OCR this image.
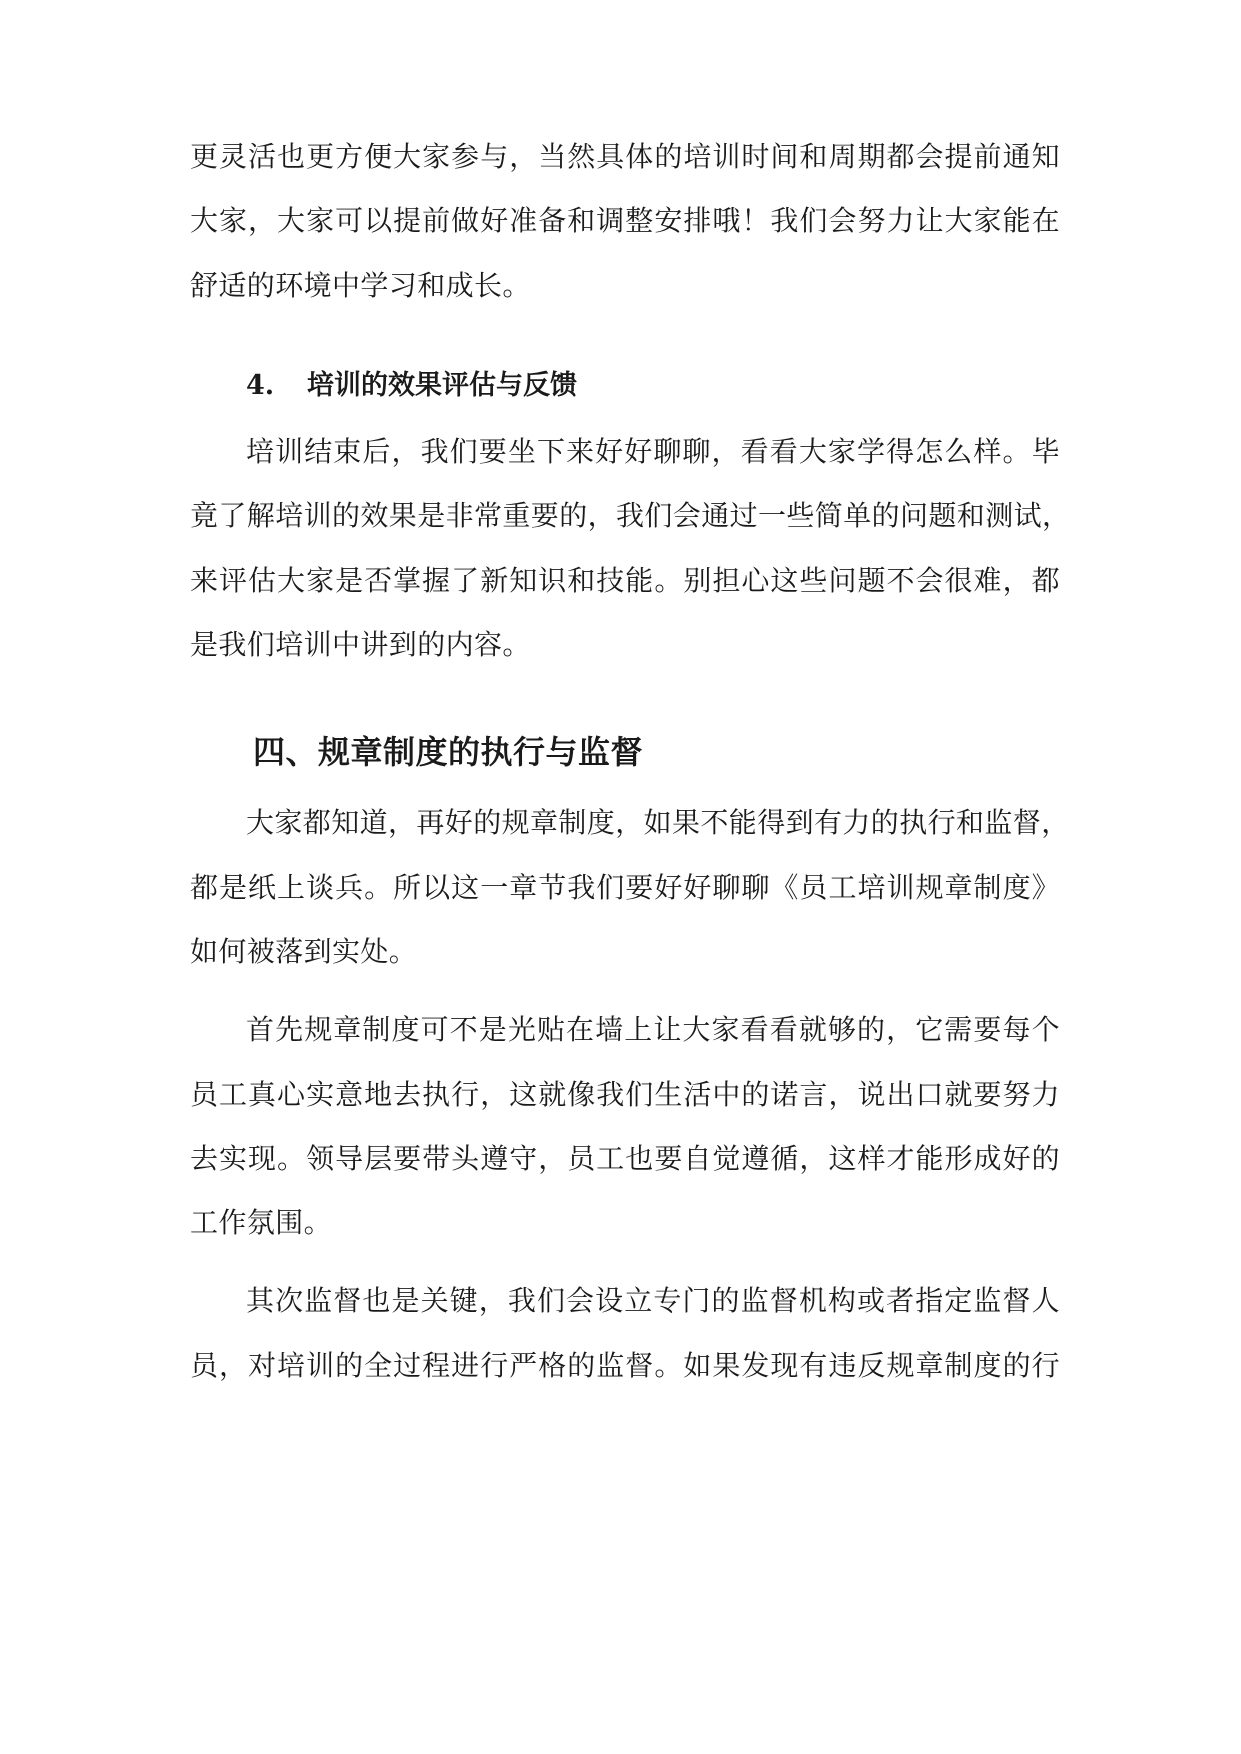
更灵活也更方便大家参与，当然具体的培训时间和周期都会提前通知
大家，大家可以提前做好准备和调整安排哦！我们会努力让大家能在
舒适的环境中学习和成长。
4. 培训的效果评估与反馈
培训结束后，我们要坐下来好好聊聊，看看大家学得怎么样。毕
竟了解培训的效果是非常重要的，我们会通过一些简单的问题和测试，
来评估大家是否掌握了新知识和技能。别担心这些问题不会很难，都
是我们培训中讲到的内容。
四、规章制度的执行与监督
大家都知道，再好的规章制度，如果不能得到有力的执行和监督，
都是纸上谈兵。所以这一章节我们要好好聊聊《员工培训规章制度》
如何被落到实处。
首先规章制度可不是光贴在墙上让大家看看就够的，它需要每个
员工真心实意地去执行，这就像我们生活中的诺言，说出口就要努力
去实现。领导层要带头遵守，员工也要自觉遵循，这样才能形成好的
工作氛围。
其次监督也是关键，我们会设立专门的监督机构或者指定监督人
员，对培训的全过程进行严格的监督。如果发现有违反规章制度的行
